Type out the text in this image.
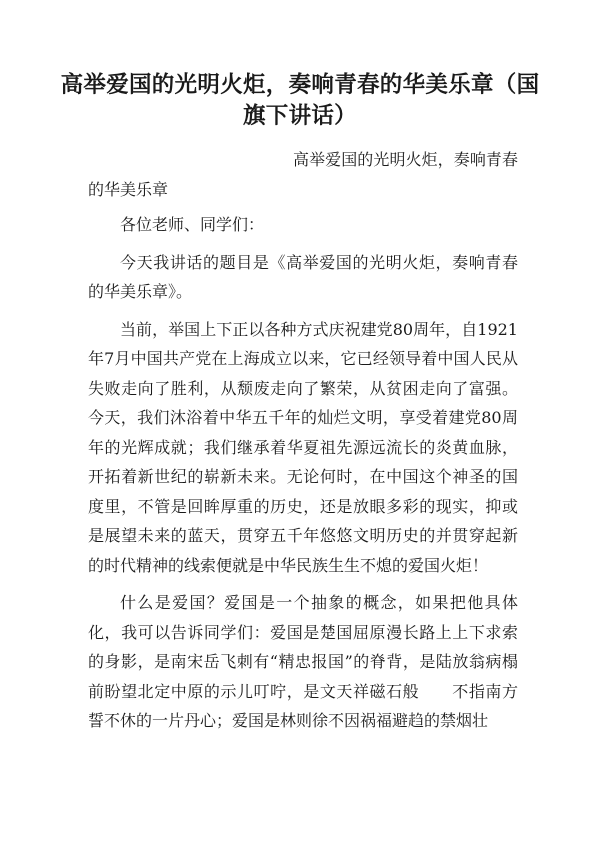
高举爱国的光明火炬，奏响青春的华美乐章（国旗下讲话）

高举爱国的光明火炬，奏响青春的华美乐章

各位老师、同学们：

今天我讲话的题目是《高举爱国的光明火炬，奏响青春的华美乐章》。

当前，举国上下正以各种方式庆祝建党80周年，自1921年7月中国共产党在上海成立以来，它已经领导着中国人民从失败走向了胜利，从颓废走向了繁荣，从贫困走向了富强。今天，我们沐浴着中华五千年的灿烂文明，享受着建党80周年的光辉成就；我们继承着华夏祖先源远流长的炎黄血脉，开拓着新世纪的崭新未来。无论何时，在中国这个神圣的国度里，不管是回眸厚重的历史，还是放眼多彩的现实，抑或是展望未来的蓝天，贯穿五千年悠悠文明历史的并贯穿起新的时代精神的线索便就是中华民族生生不熄的爱国火炬！

什么是爱国？爱国是一个抽象的概念，如果把他具体化，我可以告诉同学们：爱国是楚国屈原漫长路上上下求索的身影，是南宋岳飞刺有“精忠报国”的脊背，是陆放翁病榻前盼望北定中原的示儿叮咛，是文天祥磁石般　　不指南方誓不休的一片丹心；爱国是林则徐不因祸福避趋的禁烟壮
